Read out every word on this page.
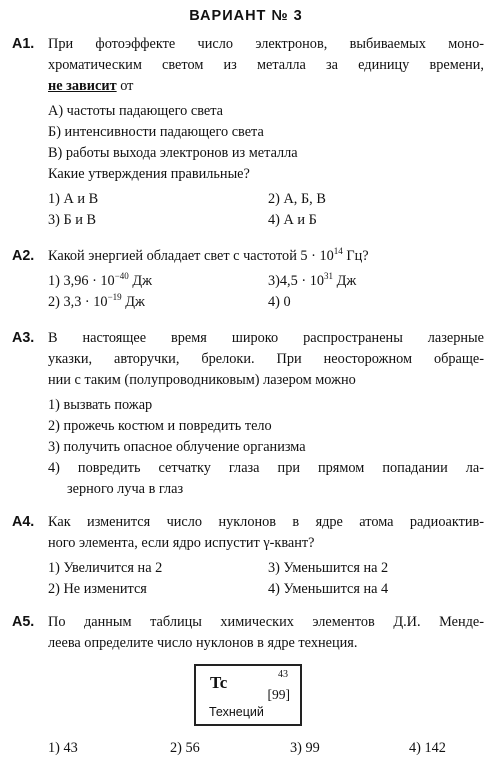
ВАРИАНТ № 3
А1. При фотоэффекте число электронов, выбиваемых моно-
хроматическим светом из металла за единицу времени,
не зависит от
А) частоты падающего света
Б) интенсивности падающего света
В) работы выхода электронов из металла
Какие утверждения правильные?
1) А и В	2) А, Б, В
3) Б и В	4) А и Б
А2. Какой энергией обладает свет с частотой $5 \cdot 10^{14}$ Гц?
1) $3,96 \cdot 10^{-40}$ Дж	$3)4,5 \cdot 10^{31}$ Дж
2) $3,3 \cdot 10^{-19}$ Дж	4) 0
А3. В настоящее время широко распространены лазерные
указки, авторучки, брелоки. При неосторожном обраще-
нии с таким (полупроводниковым) лазером можно
1) вызвать пожар
2) прожечь костюм и повредить тело
3) получить опасное облучение организма
4) повредить сетчатку глаза при прямом попадании ла-
зерного луча в глаз
А4. Как изменится число нуклонов в ядре атома радиоактив-
ного элемента, если ядро испустит γ-квант?
1) Увеличится на 2	3) Уменьшится на 2
2) Не изменится	4) Уменьшится на 4
А5. По данным таблицы химических элементов Д.И. Менде-
леева определите число нуклонов в ядре технеция.
Tc	43
[99]
Технеций
1) 43	2) 56	3) 99	4) 142
